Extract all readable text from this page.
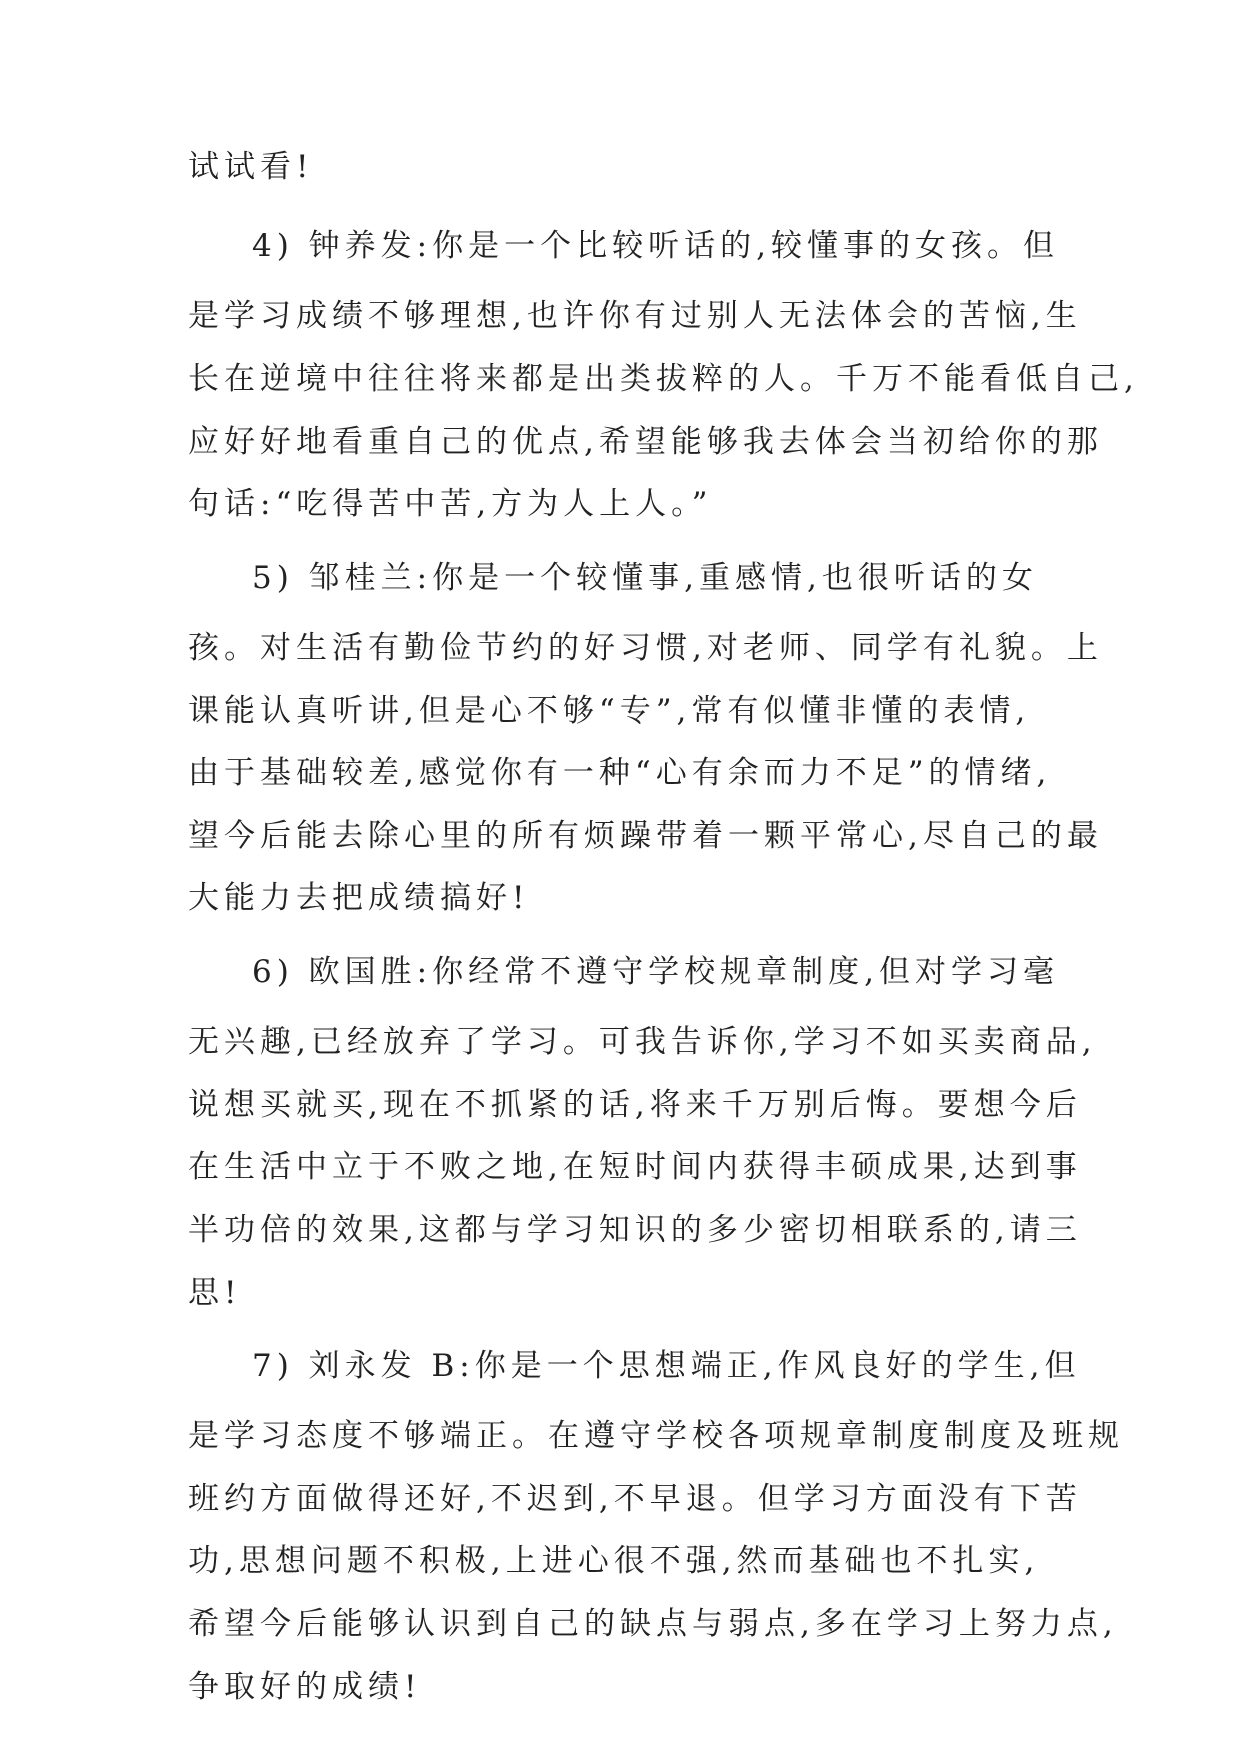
试试看!
4) 钟养发:你是一个比较听话的,较懂事的女孩。但
是学习成绩不够理想,也许你有过别人无法体会的苦恼,生
长在逆境中往往将来都是出类拔粹的人。千万不能看低自己,
应好好地看重自己的优点,希望能够我去体会当初给你的那
句话:“吃得苦中苦,方为人上人。”
5) 邹桂兰:你是一个较懂事,重感情,也很听话的女
孩。对生活有勤俭节约的好习惯,对老师、同学有礼貌。上
课能认真听讲,但是心不够“专”,常有似懂非懂的表情,
由于基础较差,感觉你有一种“心有余而力不足”的情绪,
望今后能去除心里的所有烦躁带着一颗平常心,尽自己的最
大能力去把成绩搞好!
6) 欧国胜:你经常不遵守学校规章制度,但对学习毫
无兴趣,已经放弃了学习。可我告诉你,学习不如买卖商品,
说想买就买,现在不抓紧的话,将来千万别后悔。要想今后
在生活中立于不败之地,在短时间内获得丰硕成果,达到事
半功倍的效果,这都与学习知识的多少密切相联系的,请三
思!
7) 刘永发 B:你是一个思想端正,作风良好的学生,但
是学习态度不够端正。在遵守学校各项规章制度制度及班规
班约方面做得还好,不迟到,不早退。但学习方面没有下苦
功,思想问题不积极,上进心很不强,然而基础也不扎实,
希望今后能够认识到自己的缺点与弱点,多在学习上努力点,
争取好的成绩!
